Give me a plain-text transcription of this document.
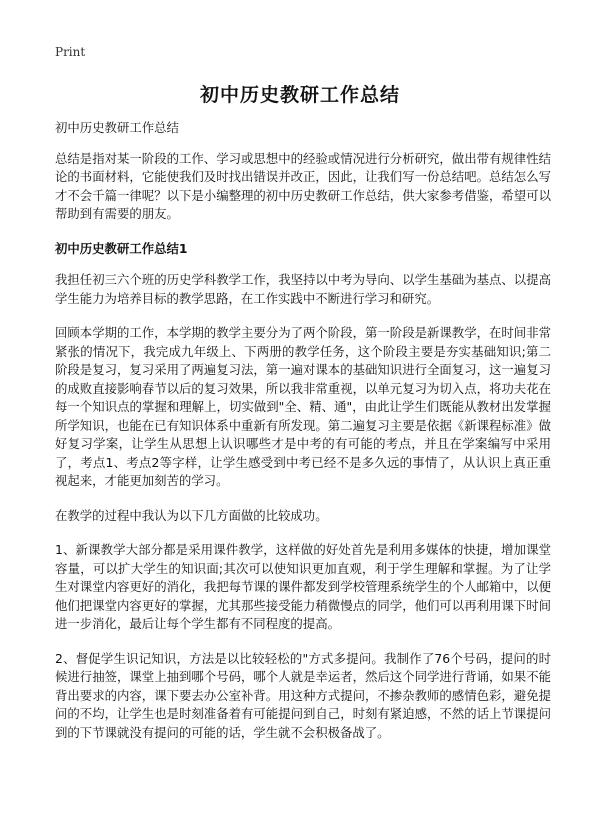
Print
初中历史教研工作总结

初中历史教研工作总结

总结是指对某一阶段的工作、学习或思想中的经验或情况进行分析研究，做出带有规律性结论的书面材料，它能使我们及时找出错误并改正，因此，让我们写一份总结吧。总结怎么写才不会千篇一律呢？以下是小编整理的初中历史教研工作总结，供大家参考借鉴，希望可以帮助到有需要的朋友。

初中历史教研工作总结1

我担任初三六个班的历史学科教学工作，我坚持以中考为导向、以学生基础为基点、以提高学生能力为培养目标的教学思路，在工作实践中不断进行学习和研究。

回顾本学期的工作，本学期的教学主要分为了两个阶段，第一阶段是新课教学，在时间非常紧张的情况下，我完成九年级上、下两册的教学任务，这个阶段主要是夯实基础知识;第二阶段是复习，复习采用了两遍复习法，第一遍对课本的基础知识进行全面复习，这一遍复习的成败直接影响春节以后的复习效果，所以我非常重视，以单元复习为切入点，将功夫花在每一个知识点的掌握和理解上，切实做到"全、精、通"，由此让学生们既能从教材出发掌握所学知识，也能在已有知识体系中重新有所发现。第二遍复习主要是依据《新课程标准》做好复习学案，让学生从思想上认识哪些才是中考的有可能的考点，并且在学案编写中采用了，考点1、考点2等字样，让学生感受到中考已经不是多久远的事情了，从认识上真正重视起来，才能更加刻苦的学习。

在教学的过程中我认为以下几方面做的比较成功。

1、新课教学大部分都是采用课件教学，这样做的好处首先是利用多媒体的快捷，增加课堂容量，可以扩大学生的知识面;其次可以使知识更加直观，利于学生理解和掌握。为了让学生对课堂内容更好的消化，我把每节课的课件都发到学校管理系统学生的个人邮箱中，以便他们把课堂内容更好的掌握，尤其那些接受能力稍微慢点的同学，他们可以再利用课下时间进一步消化，最后让每个学生都有不同程度的提高。

2、督促学生识记知识，方法是以比较轻松的"方式多提问。我制作了76个号码，提问的时候进行抽签，课堂上抽到哪个号码，哪个人就是幸运者，然后这个同学进行背诵，如果不能背出要求的内容，课下要去办公室补背。用这种方式提问，不掺杂教师的感情色彩，避免提问的不均，让学生也是时刻准备着有可能提问到自己，时刻有紧迫感，不然的话上节课提问到的下节课就没有提问的可能的话，学生就不会积极备战了。
